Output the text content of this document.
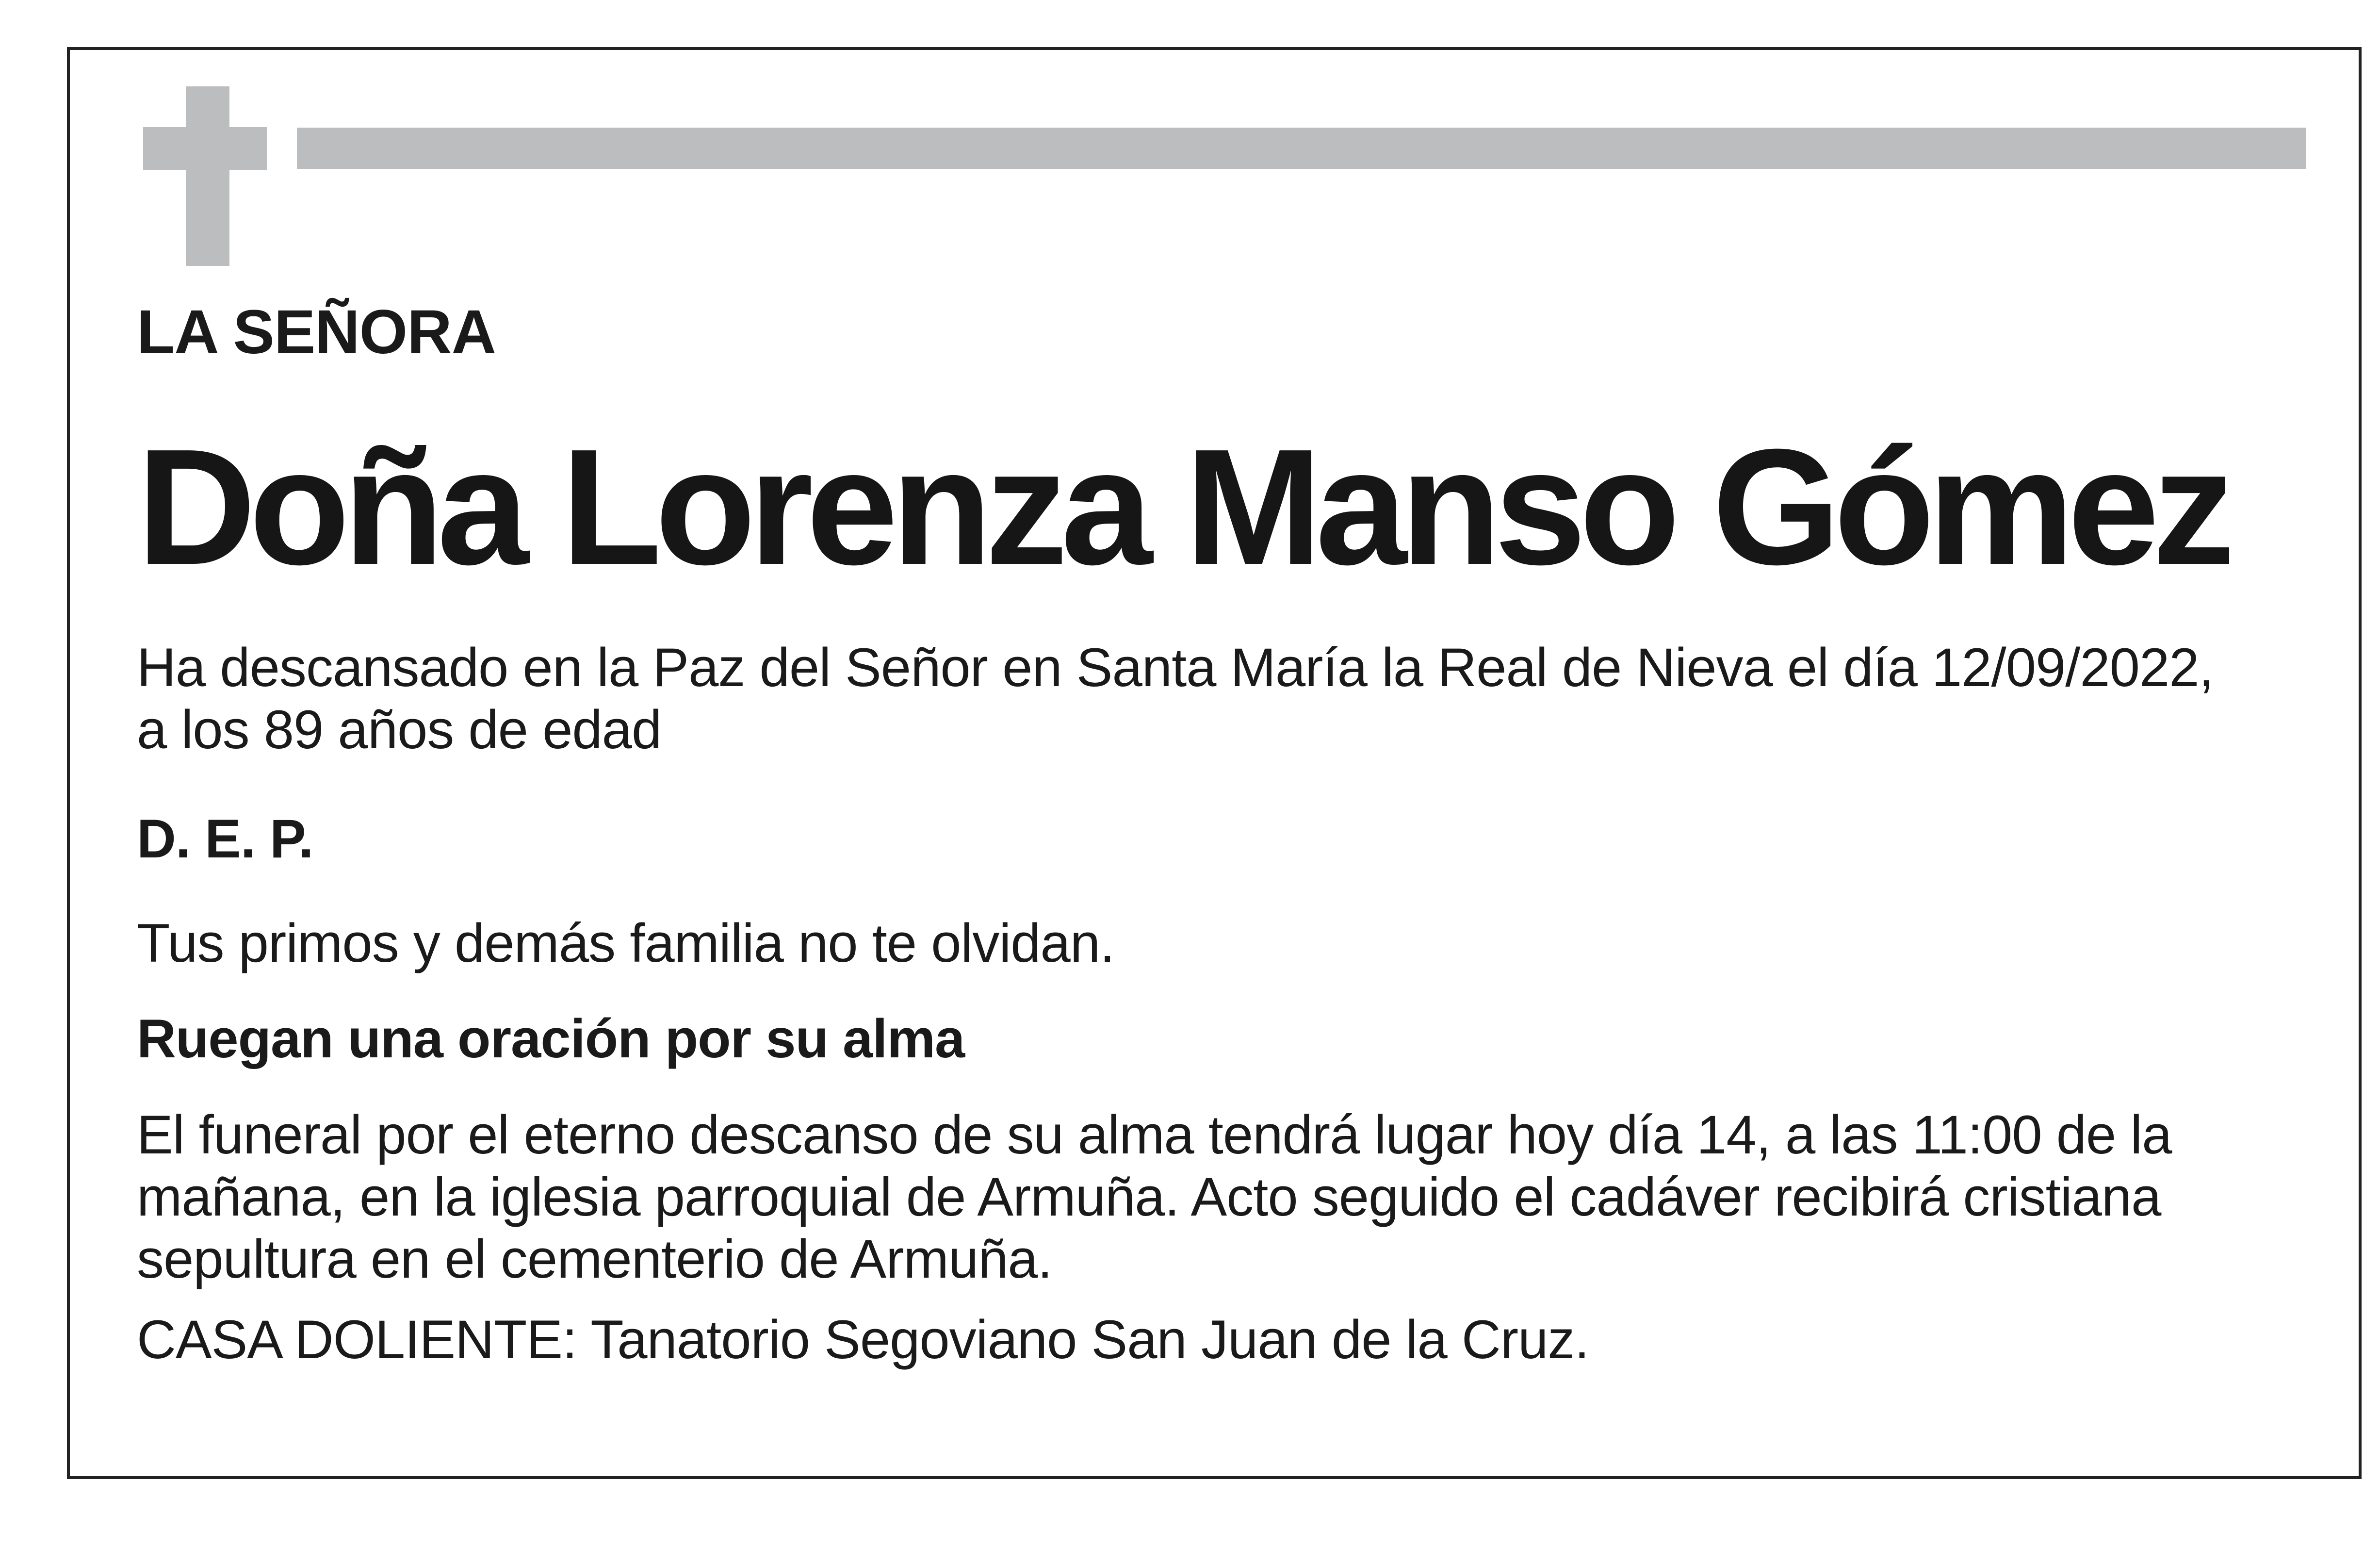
LA SEÑORA

Doña Lorenza Manso Gómez
Ha descansado en la Paz del Señor en Santa María la Real de Nieva el día 12/09/2022,
a los 89 años de edad

D. E. P.

Tus primos y demás familia no te olvidan.

Ruegan una oración por su alma

El funeral por el eterno descanso de su alma tendrá lugar hoy día 14, a las 11:00 de la
mañana, en la iglesia parroquial de Armuña. Acto seguido el cadáver recibirá cristiana
sepultura en el cementerio de Armuña.

CASA DOLIENTE: Tanatorio Segoviano San Juan de la Cruz.
